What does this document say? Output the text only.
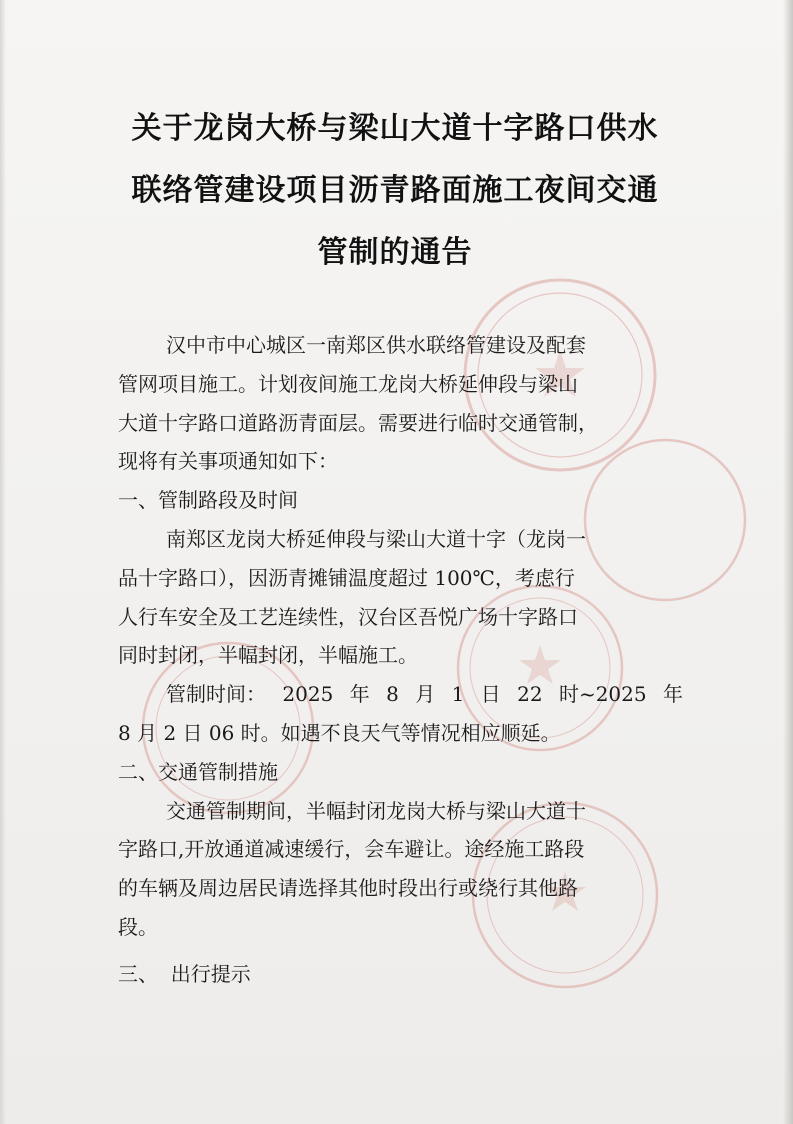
关于龙岗大桥与梁山大道十字路口供水
联络管建设项目沥青路面施工夜间交通
管制的通告

汉中市中心城区一南郑区供水联络管建设及配套

管网项目施工。计划夜间施工龙岗大桥延伸段与梁山

大道十字路口道路沥青面层。需要进行临时交通管制，

现将有关事项通知如下：

一、管制路段及时间

南郑区龙岗大桥延伸段与梁山大道十字（龙岗一

品十字路口），因沥青摊铺温度超过 100℃，考虑行

人行车安全及工艺连续性，汉台区吾悦广场十字路口

同时封闭，半幅封闭，半幅施工。

管制时间： 2025 年 8 月 1 日 22 时~2025 年

8 月 2 日 06 时。如遇不良天气等情况相应顺延。

二、交通管制措施

交通管制期间，半幅封闭龙岗大桥与梁山大道十

字路口,开放通道减速缓行，会车避让。途经施工路段

的车辆及周边居民请选择其他时段出行或绕行其他路

段。

三、  出行提示
